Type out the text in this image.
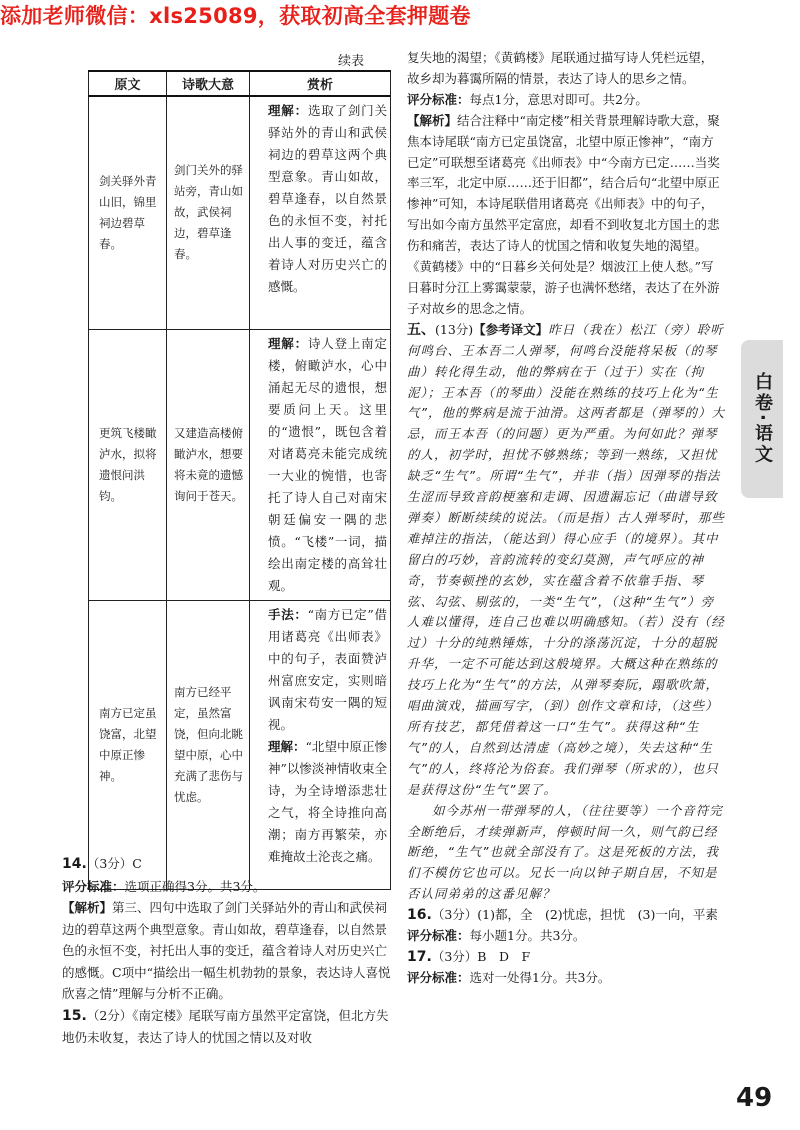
添加老师微信：xls25089，获取初高全套押题卷
续表
原文	诗歌大意	赏析
剑关驿外青山旧，锦里祠边碧草春。	剑门关外的驿站旁，青山如故，武侯祠边，碧草逢春。	理解：选取了剑门关驿站外的青山和武侯祠边的碧草这两个典型意象。青山如故，碧草逢春，以自然景色的永恒不变，衬托出人事的变迁，蕴含着诗人对历史兴亡的感慨。

更筑飞楼瞰泸水，拟将遗恨问洪钧。	又建造高楼俯瞰泸水，想要将未竟的遗憾询问于苍天。	理解：诗人登上南定楼，俯瞰泸水，心中涌起无尽的遗恨，想要质问上天。这里的“遗恨”，既包含着对诸葛亮未能完成统一大业的惋惜，也寄托了诗人自己对南宋朝廷偏安一隅的悲愤。“飞楼”一词，描绘出南定楼的高耸壮观。

南方已定虽饶富，北望中原正惨神。	南方已经平定，虽然富饶，但向北眺望中原，心中充满了悲伤与忧虑。	手法：“南方已定”借用诸葛亮《出师表》中的句子，表面赞泸州富庶安定，实则暗讽南宋苟安一隅的短视。
理解：“北望中原正惨神”以惨淡神情收束全诗，为全诗增添悲壮之气，将全诗推向高潮；南方再繁荣，亦难掩故土沦丧之痛。

14.（3分）C

评分标准：选项正确得3分。共3分。

【解析】第三、四句中选取了剑门关驿站外的青山和武侯祠边的碧草这两个典型意象。青山如故，碧草逢春，以自然景色的永恒不变，衬托出人事的变迁，蕴含着诗人对历史兴亡的感慨。C项中“描绘出一幅生机勃勃的景象，表达诗人喜悦欣喜之情”理解与分析不正确。

15.（2分）《南定楼》尾联写南方虽然平定富饶，但北方失地仍未收复，表达了诗人的忧国之情以及对收

复失地的渴望；《黄鹤楼》尾联通过描写诗人凭栏远望，故乡却为暮霭所隔的情景，表达了诗人的思乡之情。

评分标准：每点1分，意思对即可。共2分。

【解析】结合注释中“南定楼”相关背景理解诗歌大意，聚焦本诗尾联“南方已定虽饶富，北望中原正惨神”，“南方已定”可联想至诸葛亮《出师表》中“今南方已定……当奖率三军，北定中原……还于旧都”，结合后句“北望中原正惨神”可知，本诗尾联借用诸葛亮《出师表》中的句子，写出如今南方虽然平定富庶，却看不到收复北方国土的悲伤和痛苦，表达了诗人的忧国之情和收复失地的渴望。《黄鹤楼》中的“日暮乡关何处是？烟波江上使人愁。”写日暮时分江上雾霭蒙蒙，游子也满怀愁绪，表达了在外游子对故乡的思念之情。

五、(13分)【参考译文】昨日（我在）松江（旁）聆听何鸣台、王本吾二人弹琴，何鸣台没能将呆板（的琴曲）转化得生动，他的弊病在于（过于）实在（拘泥）；王本吾（的琴曲）没能在熟练的技巧上化为“生气”，他的弊病是流于油滑。这两者都是（弹琴的）大忌，而王本吾（的问题）更为严重。为何如此？弹琴的人，初学时，担忧不够熟练；等到一熟练，又担忧缺乏“生气”。所谓“生气”，并非（指）因弹琴的指法生涩而导致音韵梗塞和走调、因遗漏忘记（曲谱导致弹奏）断断续续的说法。（而是指）古人弹琴时，那些难掉注的指法，（能达到）得心应手（的境界）。其中留白的巧妙，音韵流转的变幻莫测，声气呼应的神奇，节奏顿挫的玄妙，实在蕴含着不依靠手指、琴弦、勾弦、剔弦的，一类“生气”，（这种“生气”）旁人难以懂得，连自己也难以明确感知。（若）没有（经过）十分的纯熟锤炼，十分的涤荡沉淀，十分的超脱升华，一定不可能达到这般境界。大概这种在熟练的技巧上化为“生气”的方法，从弹琴奏阮，蹋歌吹箫，唱曲演戏，描画写字，（到）创作文章和诗，（这些）所有技艺，都凭借着这一口“生气”。获得这种“生气”的人，自然到达清虚（高妙之境），失去这种“生气”的人，终将沦为俗套。我们弹琴（所求的），也只是获得这份“生气”罢了。

如今苏州一带弹琴的人，（往往要等）一个音符完全断绝后，才续弹新声，停顿时间一久，则气韵已经断绝，“生气”也就全部没有了。这是死板的方法，我们不模仿它也可以。兄长一向以钟子期自居，不知是否认同弟弟的这番见解？

16.（3分）(1)都，全　(2)忧虑，担忧　(3)一向，平素

评分标准：每小题1分。共3分。

17.（3分）B　D　F

评分标准：选对一处得1分。共3分。

白卷·语文
49
